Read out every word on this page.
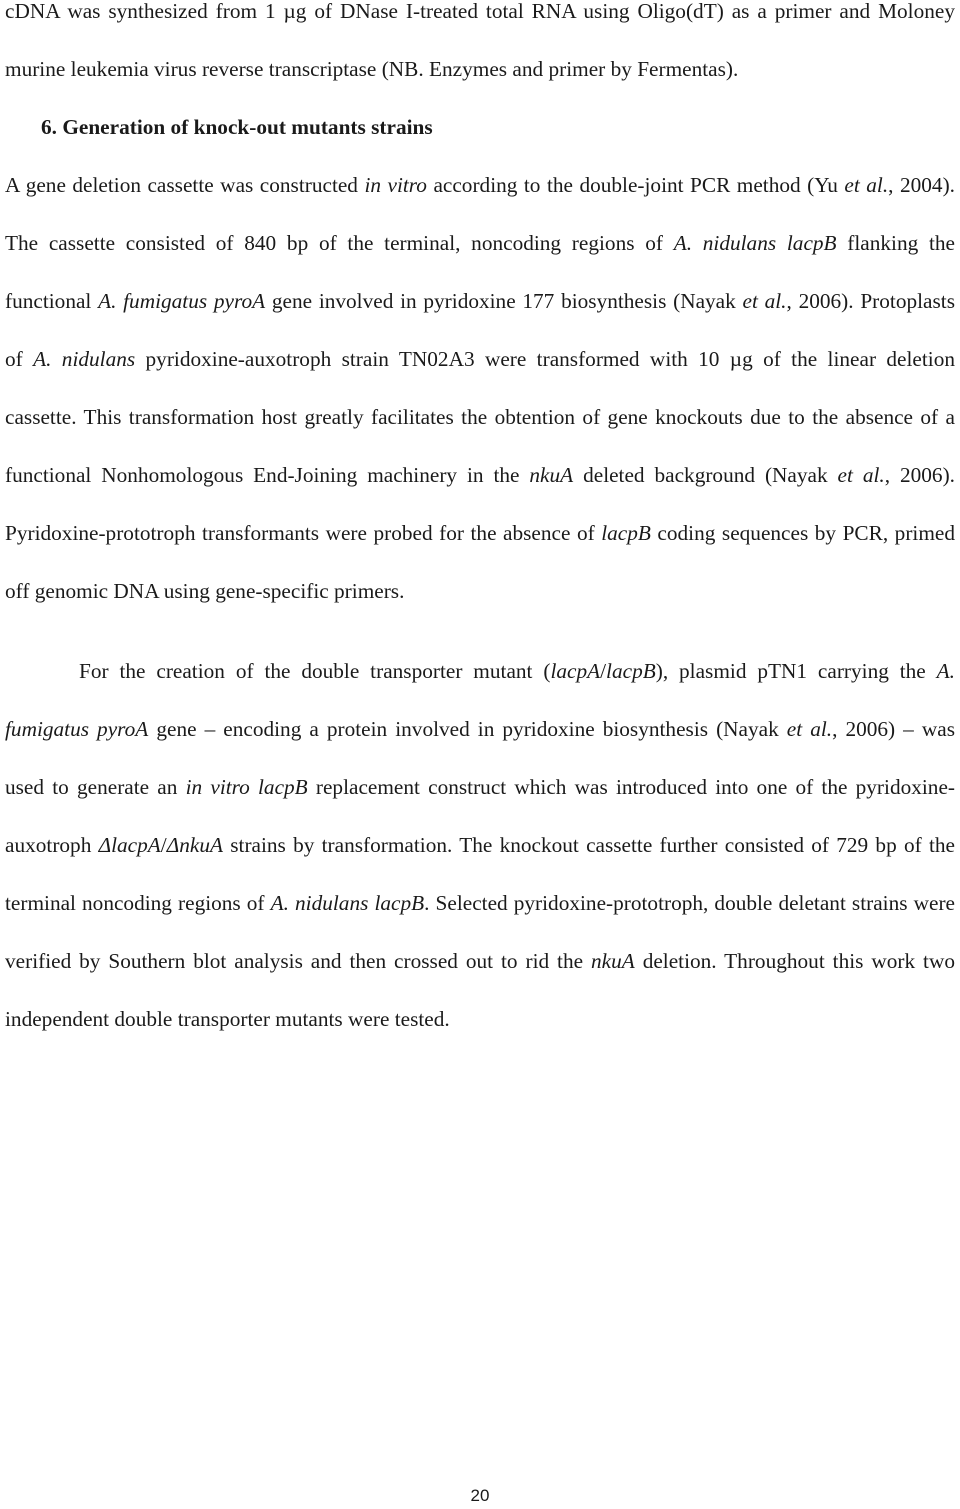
cDNA was synthesized from 1 µg of DNase I-treated total RNA using Oligo(dT) as a primer and Moloney murine leukemia virus reverse transcriptase (NB. Enzymes and primer by Fermentas).

6. Generation of knock-out mutants strains

A gene deletion cassette was constructed in vitro according to the double-joint PCR method (Yu et al., 2004). The cassette consisted of 840 bp of the terminal, noncoding regions of A. nidulans lacpB flanking the functional A. fumigatus pyroA gene involved in pyridoxine 177 biosynthesis (Nayak et al., 2006). Protoplasts of A. nidulans pyridoxine-auxotroph strain TN02A3 were transformed with 10 µg of the linear deletion cassette. This transformation host greatly facilitates the obtention of gene knockouts due to the absence of a functional Nonhomologous End-Joining machinery in the nkuA deleted background (Nayak et al., 2006). Pyridoxine-prototroph transformants were probed for the absence of lacpB coding sequences by PCR, primed off genomic DNA using gene-specific primers.

For the creation of the double transporter mutant (lacpA/lacpB), plasmid pTN1 carrying the A. fumigatus pyroA gene – encoding a protein involved in pyridoxine biosynthesis (Nayak et al., 2006) – was used to generate an in vitro lacpB replacement construct which was introduced into one of the pyridoxine-auxotroph ΔlacpA/ΔnkuA strains by transformation. The knockout cassette further consisted of 729 bp of the terminal noncoding regions of A. nidulans lacpB. Selected pyridoxine-prototroph, double deletant strains were verified by Southern blot analysis and then crossed out to rid the nkuA deletion. Throughout this work two independent double transporter mutants were tested.

20
